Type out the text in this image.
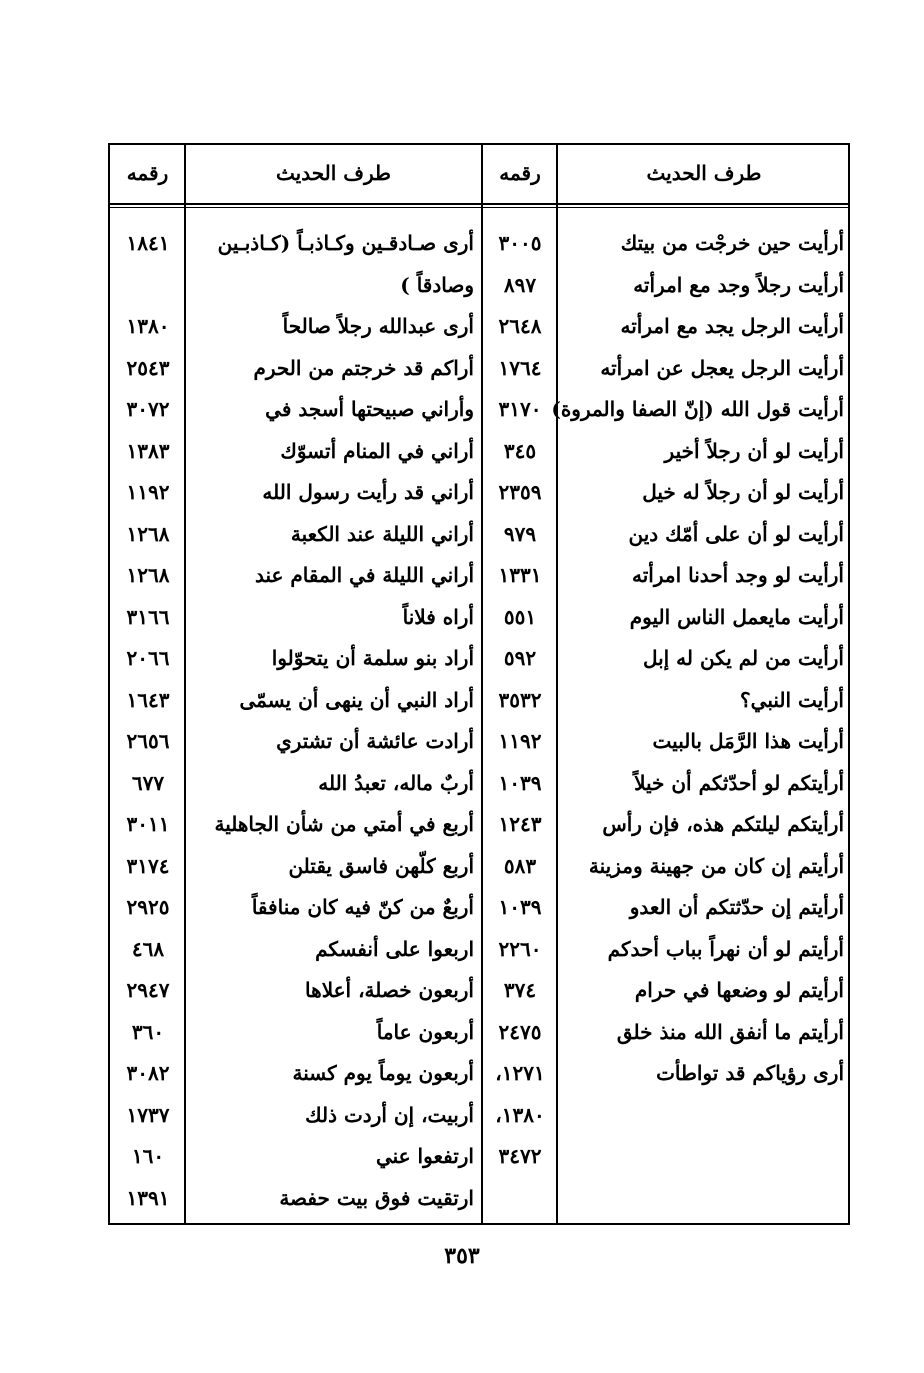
طرف الحديث
رقمه
طرف الحديث
رقمه
أرأيت حين خرجْت من بيتك
أرأيت رجلاً وجد مع امرأته
أرأيت الرجل يجد مع امرأته
أرأيت الرجل يعجل عن امرأته
أرأيت قول الله (إنّ الصفا والمروة)
أرأيت لو أن رجلاً أخير
أرأيت لو أن رجلاً له خيل
أرأيت لو أن على أمّك دين
أرأيت لو وجد أحدنا امرأته
أرأيت مايعمل الناس اليوم
أرأيت من لم يكن له إبل
أرأيت النبي؟
أرأيت هذا الرَّمَل بالبيت
أرأيتكم لو أحدّثكم أن خيلاً
أرأيتكم ليلتكم هذه، فإن رأس
أرأيتم إن كان من جهينة ومزينة
أرأيتم إن حدّثتكم أن العدو
أرأيتم لو أن نهراً بباب أحدكم
أرأيتم لو وضعها في حرام
أرأيتم ما أنفق الله منذ خلق
أرى رؤياكم قد تواطأت
٣٠٠٥
٨٩٧
٢٦٤٨
١٧٦٤
٣١٧٠
٣٤٥
٢٣٥٩
٩٧٩
١٣٣١
٥٥١
٥٩٢
٣٥٣٢
١١٩٢
١٠٣٩
١٢٤٣
٥٨٣
١٠٣٩
٢٢٦٠
٣٧٤
٢٤٧٥
١٢٧١،
١٣٨٠،
٣٤٧٢
أرى صـادقـين وكـاذبـاً (كـاذبـين
وصادقاً )
أرى عبدالله رجلاً صالحاً
أراكم قد خرجتم من الحرم
وأراني صبيحتها أسجد في
أراني في المنام أتسوّك
أراني قد رأيت رسول الله
أراني الليلة عند الكعبة
أراني الليلة في المقام عند
أراه فلاناً
أراد بنو سلمة أن يتحوّلوا
أراد النبي أن ينهى أن يسمّى
أرادت عائشة أن تشتري
أربٌ ماله، تعبدُ الله
أربع في أمتي من شأن الجاهلية
أربع كلّهن فاسق يقتلن
أربعٌ من كنّ فيه كان منافقاً
اربعوا على أنفسكم
أربعون خصلة، أعلاها
أربعون عاماً
أربعون يوماً يوم كسنة
أربيت، إن أردت ذلك
ارتفعوا عني
ارتقيت فوق بيت حفصة
١٨٤١
١٣٨٠
٢٥٤٣
٣٠٧٢
١٣٨٣
١١٩٢
١٢٦٨
١٢٦٨
٣١٦٦
٢٠٦٦
١٦٤٣
٢٦٥٦
٦٧٧
٣٠١١
٣١٧٤
٢٩٢٥
٤٦٨
٢٩٤٧
٣٦٠
٣٠٨٢
١٧٣٧
١٦٠
١٣٩١
٣٥٣
